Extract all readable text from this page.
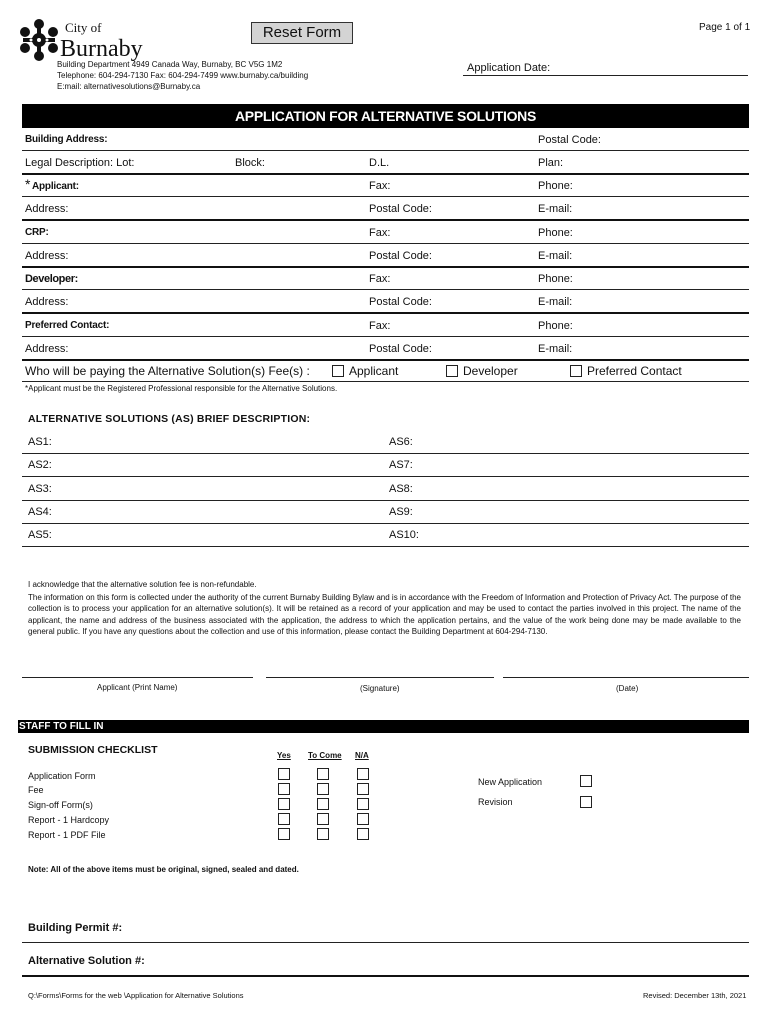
City of
Burnaby
Reset Form	Page 1 of 1
Building Department 4949 Canada Way, Burnaby, BC V5G 1M2
Telephone: 604-294-7130 Fax: 604-294-7499 www.burnaby.ca/building
E:mail: alternativesolutions@Burnaby.ca
Application Date:
APPLICATION FOR ALTERNATIVE SOLUTIONS
Building Address:	Postal Code:
Legal Description: Lot:	Block:	D.L.	Plan:
* Applicant:	Fax:	Phone:
Address:	Postal Code:	E-mail:
CRP:	Fax:	Phone:
Address:	Postal Code:	E-mail:
Developer:	Fax:	Phone:
Address:	Postal Code:	E-mail:
Preferred Contact:	Fax:	Phone:
Address:	Postal Code:	E-mail:
Who will be paying the Alternative Solution(s) Fee(s) :	Applicant	Developer	Preferred Contact
*Applicant must be the Registered Professional responsible for the Alternative Solutions.
ALTERNATIVE SOLUTIONS (AS) BRIEF DESCRIPTION:
AS1:	AS6:
AS2:	AS7:
AS3:	AS8:
AS4:	AS9:
AS5:	AS10:
I acknowledge that the alternative solution fee is non-refundable.
The information on this form is collected under the authority of the current Burnaby Building Bylaw and is in accordance with the Freedom of Information and Protection of Privacy Act. The purpose of the collection is to process your application for an alternative solution(s). It will be retained as a record of your application and may be used to contact the parties involved in this project. The name of the applicant, the name and address of the business associated with the application, the address to which the application pertains, and the value of the work being done may be made available to the general public. If you have any questions about the collection and use of this information, please contact the Building Department at 604-294-7130.
Applicant (Print Name)	(Signature)	(Date)
STAFF TO FILL IN
SUBMISSION CHECKLIST	Yes To Come N/A
Application Form
Fee
Sign-off Form(s)
Report - 1 Hardcopy
Report - 1 PDF File
New Application
Revision
Note: All of the above items must be original, signed, sealed and dated.
Building Permit #:
Alternative Solution #:
Q:\Forms\Forms for the web \Application for Alternative Solutions	Revised: December 13th, 2021
